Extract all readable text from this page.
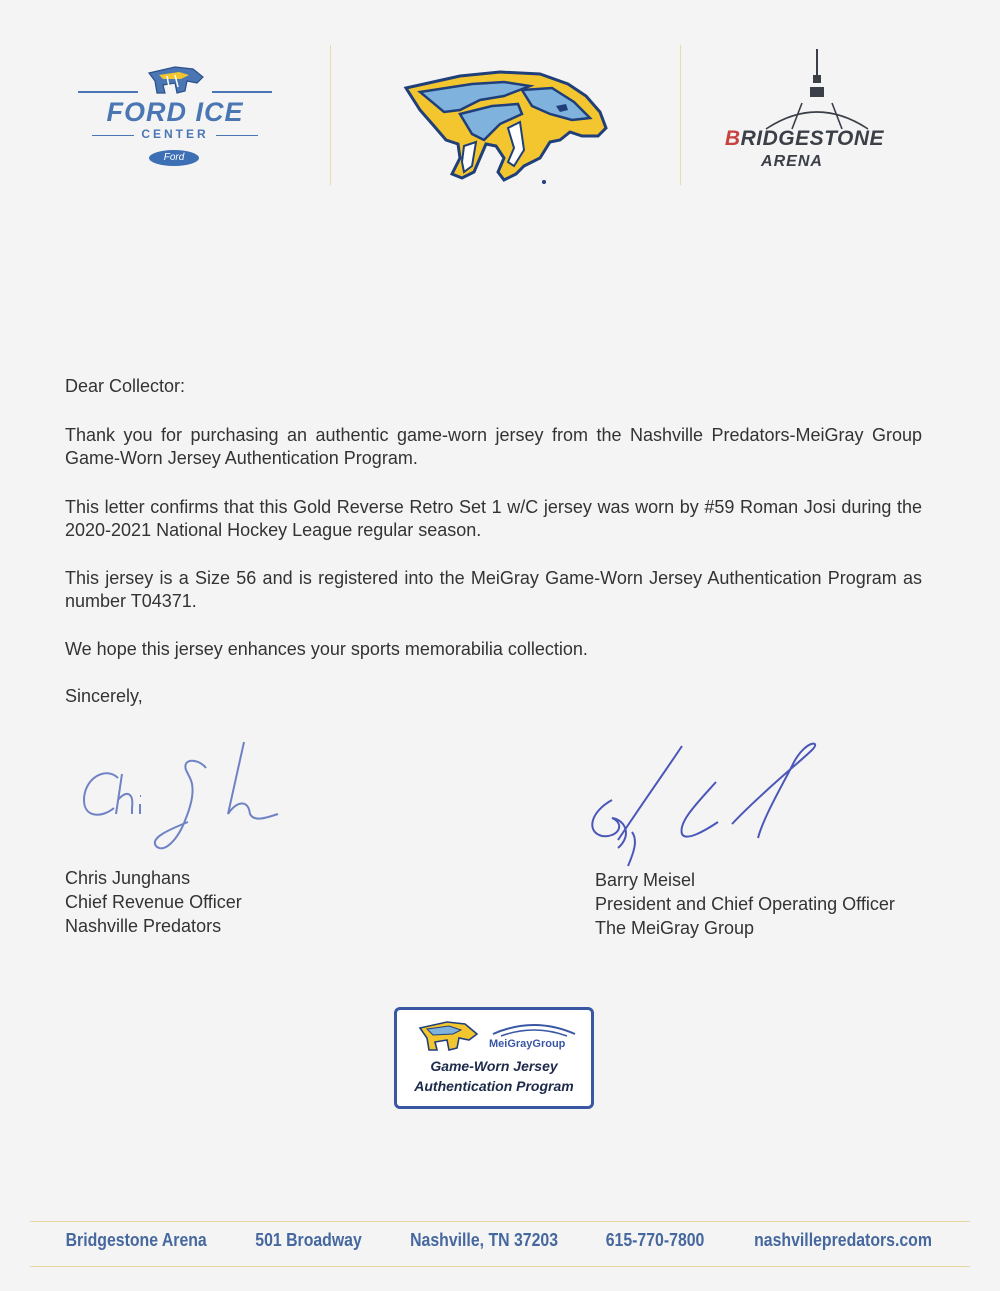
FORD ICE
CENTER
Ford
BRIDGESTONE
ARENA
Dear Collector:
Thank you for purchasing an authentic game-worn jersey from the Nashville Predators-MeiGray Group Game-Worn Jersey Authentication Program.
This letter confirms that this Gold Reverse Retro Set 1 w/C jersey was worn by #59 Roman Josi during the 2020-2021 National Hockey League regular season.
This jersey is a Size 56 and is registered into the MeiGray Game-Worn Jersey Authentication Program as number T04371.
We hope this jersey enhances your sports memorabilia collection.
Sincerely,
Chris Junghans
Chief Revenue Officer
Nashville Predators
Barry Meisel
President and Chief Operating Officer
The MeiGray Group
MeiGrayGroup
Game-Worn Jersey
Authentication Program
Bridgestone Arena	501 Broadway	Nashville, TN 37203	615-770-7800	nashvillepredators.com
